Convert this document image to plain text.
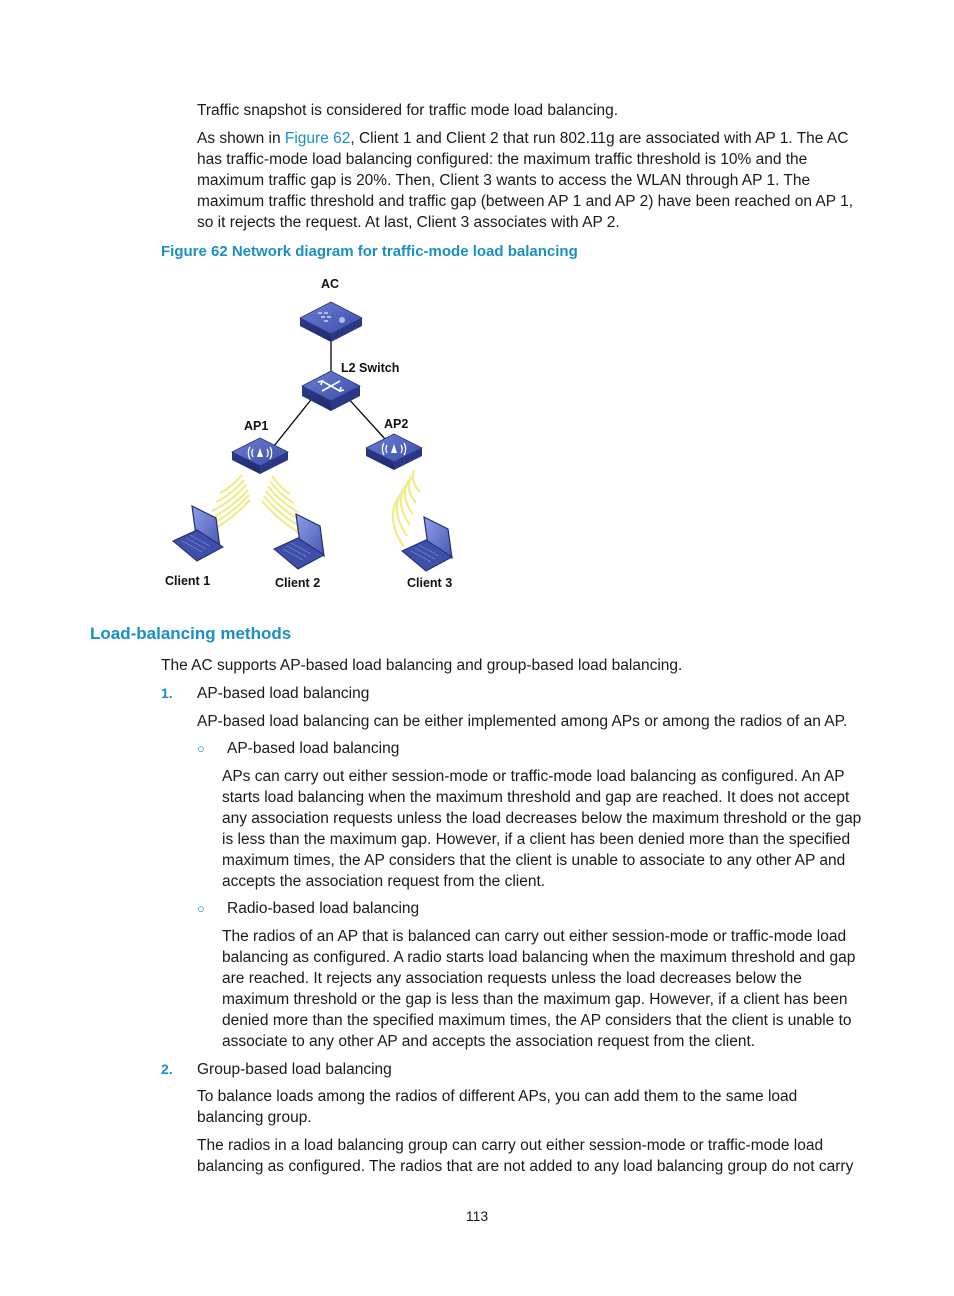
Traffic snapshot is considered for traffic mode load balancing.

As shown in Figure 62, Client 1 and Client 2 that run 802.11g are associated with AP 1. The AC has traffic-mode load balancing configured: the maximum traffic threshold is 10% and the maximum traffic gap is 20%. Then, Client 3 wants to access the WLAN through AP 1. The maximum traffic threshold and traffic gap (between AP 1 and AP 2) have been reached on AP 1, so it rejects the request. At last, Client 3 associates with AP 2.

Figure 62 Network diagram for traffic-mode load balancing
AC
L2 Switch
AP1	AP2
Client 1	Client 2	Client 3
Load-balancing methods

The AC supports AP-based load balancing and group-based load balancing.

1. AP-based load balancing

AP-based load balancing can be either implemented among APs or among the radios of an AP.

○ AP-based load balancing

APs can carry out either session-mode or traffic-mode load balancing as configured. An AP starts load balancing when the maximum threshold and gap are reached. It does not accept any association requests unless the load decreases below the maximum threshold or the gap is less than the maximum gap. However, if a client has been denied more than the specified maximum times, the AP considers that the client is unable to associate to any other AP and accepts the association request from the client.

○ Radio-based load balancing

The radios of an AP that is balanced can carry out either session-mode or traffic-mode load balancing as configured. A radio starts load balancing when the maximum threshold and gap are reached. It rejects any association requests unless the load decreases below the maximum threshold or the gap is less than the maximum gap. However, if a client has been denied more than the specified maximum times, the AP considers that the client is unable to associate to any other AP and accepts the association request from the client.

2. Group-based load balancing

To balance loads among the radios of different APs, you can add them to the same load balancing group.

The radios in a load balancing group can carry out either session-mode or traffic-mode load balancing as configured. The radios that are not added to any load balancing group do not carry

113
